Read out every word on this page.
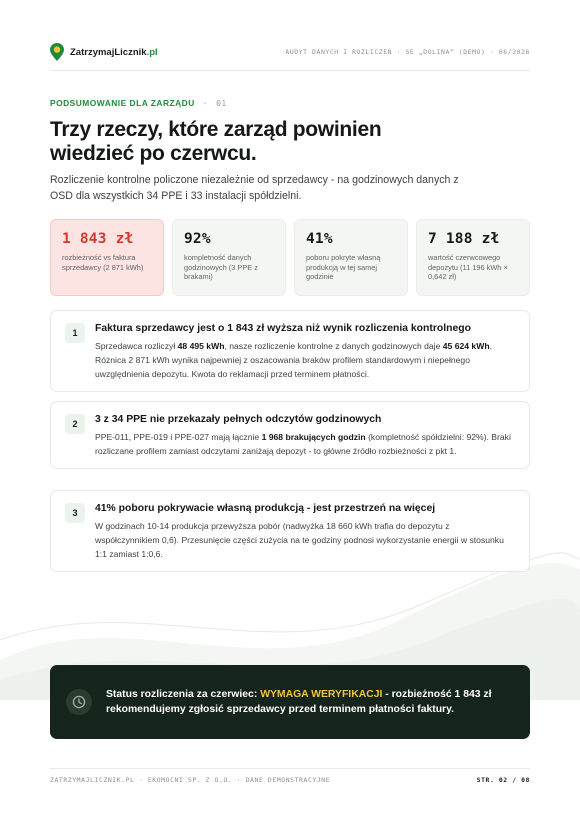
ZatrzymajLicznik.pl	AUDYT DANYCH I ROZLICZEŃ · SE „DOLINA” (DEMO) · 06/2026
PODSUMOWANIE DLA ZARZĄDU · 01
Trzy rzeczy, które zarząd powinien wiedzieć po czerwcu.

Rozliczenie kontrolne policzone niezależnie od sprzedawcy - na godzinowych danych z OSD dla wszystkich 34 PPE i 33 instalacji spółdzielni.

1 843 zł
rozbieżność vs faktura sprzedawcy (2 871 kWh)
92%
kompletność danych godzinowych (3 PPE z brakami)
41%
poboru pokryte własną produkcją w tej samej godzinie
7 188 zł
wartość czerwcowego depozytu (11 196 kWh × 0,642 zł)
1	Faktura sprzedawcy jest o 1 843 zł wyższa niż wynik rozliczenia kontrolnego
Sprzedawca rozliczył 48 495 kWh, nasze rozliczenie kontrolne z danych godzinowych daje 45 624 kWh. Różnica 2 871 kWh wynika najpewniej z oszacowania braków profilem standardowym i niepełnego uwzględnienia depozytu. Kwota do reklamacji przed terminem płatności.
2	3 z 34 PPE nie przekazały pełnych odczytów godzinowych
PPE-011, PPE-019 i PPE-027 mają łącznie 1 968 brakujących godzin (kompletność spółdzielni: 92%). Braki rozliczane profilem zamiast odczytami zaniżają depozyt - to główne źródło rozbieżności z pkt 1.
3	41% poboru pokrywacie własną produkcją - jest przestrzeń na więcej
W godzinach 10-14 produkcja przewyższa pobór (nadwyżka 18 660 kWh trafia do depozytu z współczynnikiem 0,6). Przesunięcie części zużycia na te godziny podnosi wykorzystanie energii w stosunku 1:1 zamiast 1:0,6.
Status rozliczenia za czerwiec: WYMAGA WERYFIKACJI - rozbieżność 1 843 zł rekomendujemy zgłosić sprzedawcy przed terminem płatności faktury.
ZATRZYMAJLICZNIK.PL · EKOMOCNI SP. Z O.O. · DANE DEMONSTRACYJNE	STR. 02 / 08
